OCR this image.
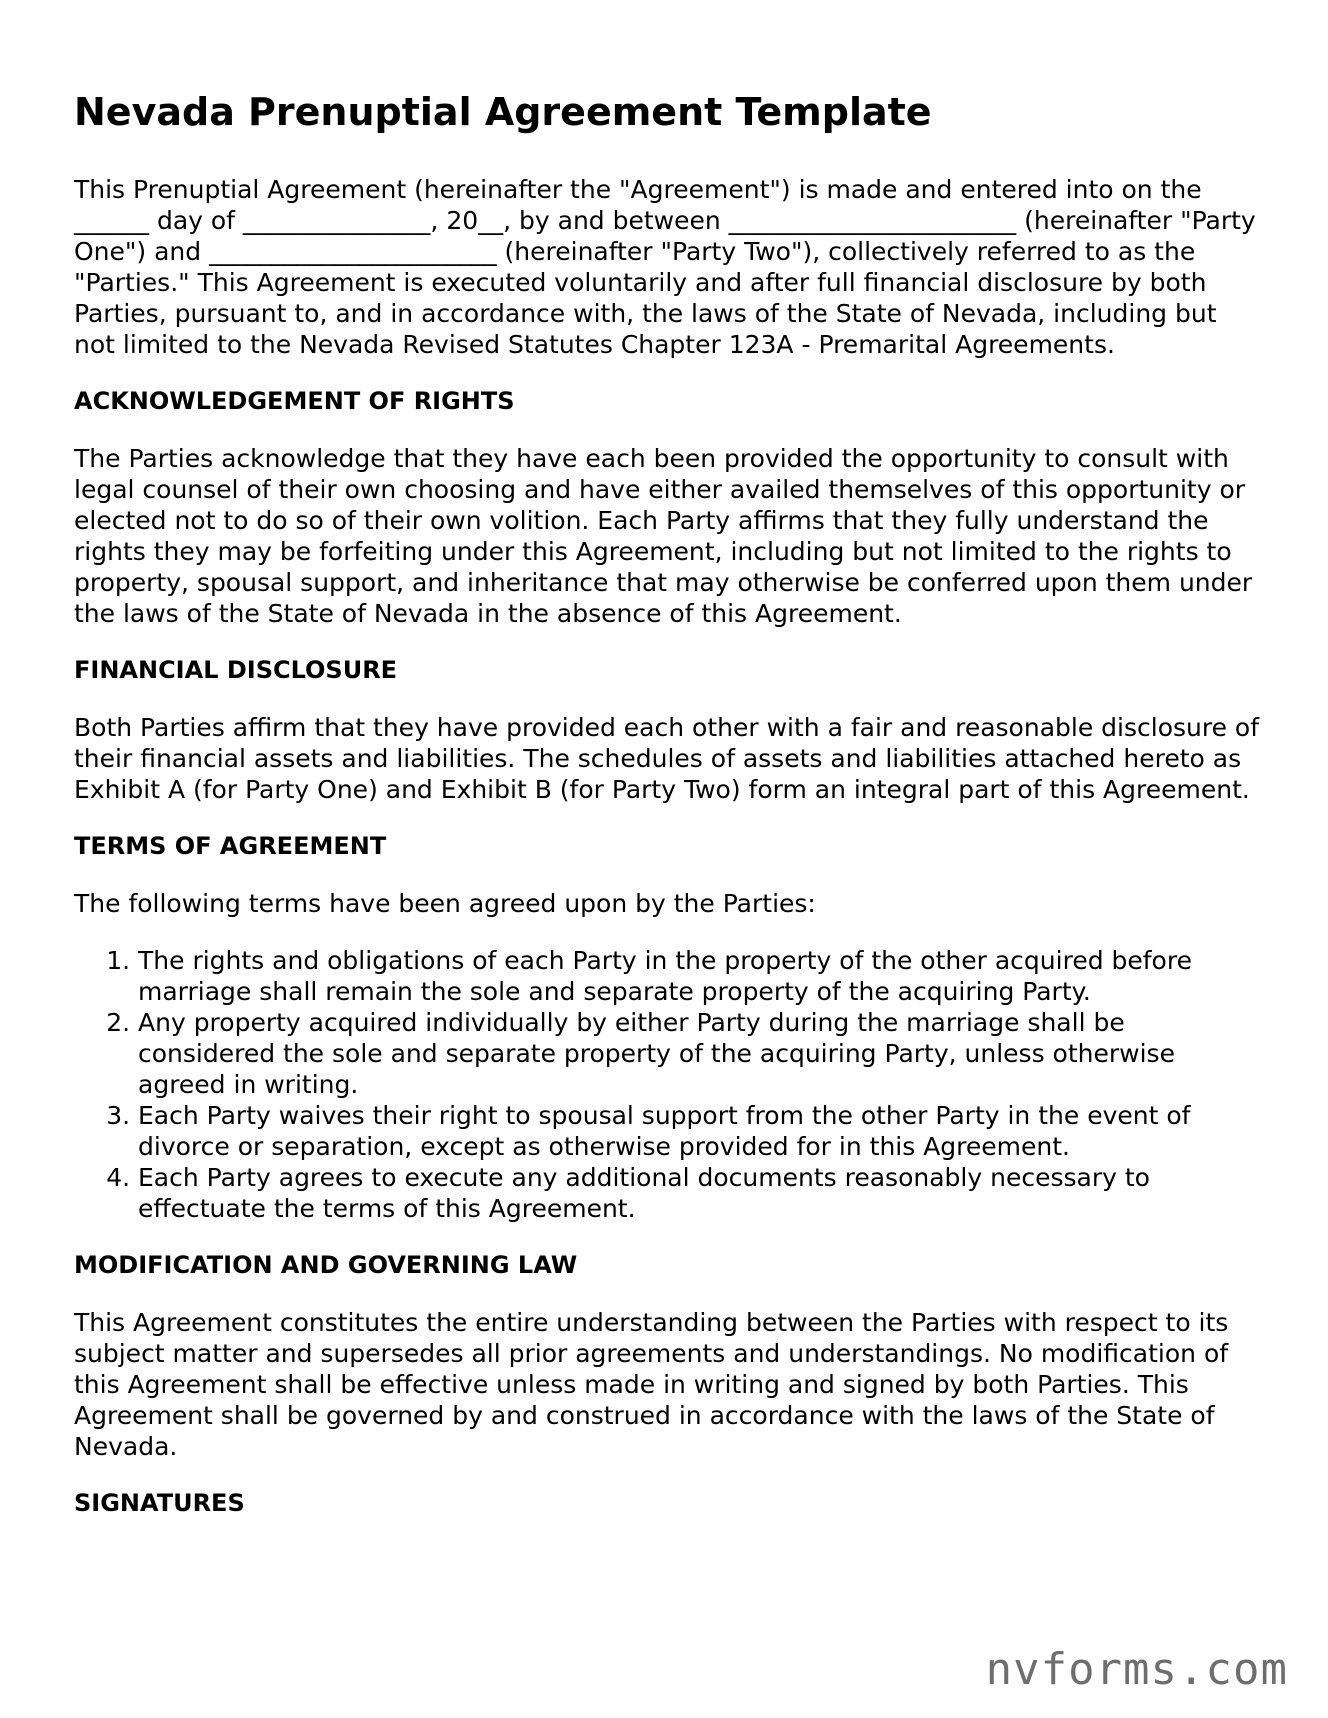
Nevada Prenuptial Agreement Template

This Prenuptial Agreement (hereinafter the "Agreement") is made and entered into on the ______ day of _______________, 20__, by and between _______________________ (hereinafter "Party One") and _______________________ (hereinafter "Party Two"), collectively referred to as the "Parties." This Agreement is executed voluntarily and after full financial disclosure by both Parties, pursuant to, and in accordance with, the laws of the State of Nevada, including but not limited to the Nevada Revised Statutes Chapter 123A - Premarital Agreements.

ACKNOWLEDGEMENT OF RIGHTS

The Parties acknowledge that they have each been provided the opportunity to consult with legal counsel of their own choosing and have either availed themselves of this opportunity or elected not to do so of their own volition. Each Party affirms that they fully understand the rights they may be forfeiting under this Agreement, including but not limited to the rights to property, spousal support, and inheritance that may otherwise be conferred upon them under the laws of the State of Nevada in the absence of this Agreement.

FINANCIAL DISCLOSURE

Both Parties affirm that they have provided each other with a fair and reasonable disclosure of their financial assets and liabilities. The schedules of assets and liabilities attached hereto as Exhibit A (for Party One) and Exhibit B (for Party Two) form an integral part of this Agreement.

TERMS OF AGREEMENT

The following terms have been agreed upon by the Parties:

1. The rights and obligations of each Party in the property of the other acquired before marriage shall remain the sole and separate property of the acquiring Party.
2. Any property acquired individually by either Party during the marriage shall be considered the sole and separate property of the acquiring Party, unless otherwise agreed in writing.
3. Each Party waives their right to spousal support from the other Party in the event of divorce or separation, except as otherwise provided for in this Agreement.
4. Each Party agrees to execute any additional documents reasonably necessary to effectuate the terms of this Agreement.
MODIFICATION AND GOVERNING LAW

This Agreement constitutes the entire understanding between the Parties with respect to its subject matter and supersedes all prior agreements and understandings. No modification of this Agreement shall be effective unless made in writing and signed by both Parties. This Agreement shall be governed by and construed in accordance with the laws of the State of Nevada.

SIGNATURES
nvforms.com
